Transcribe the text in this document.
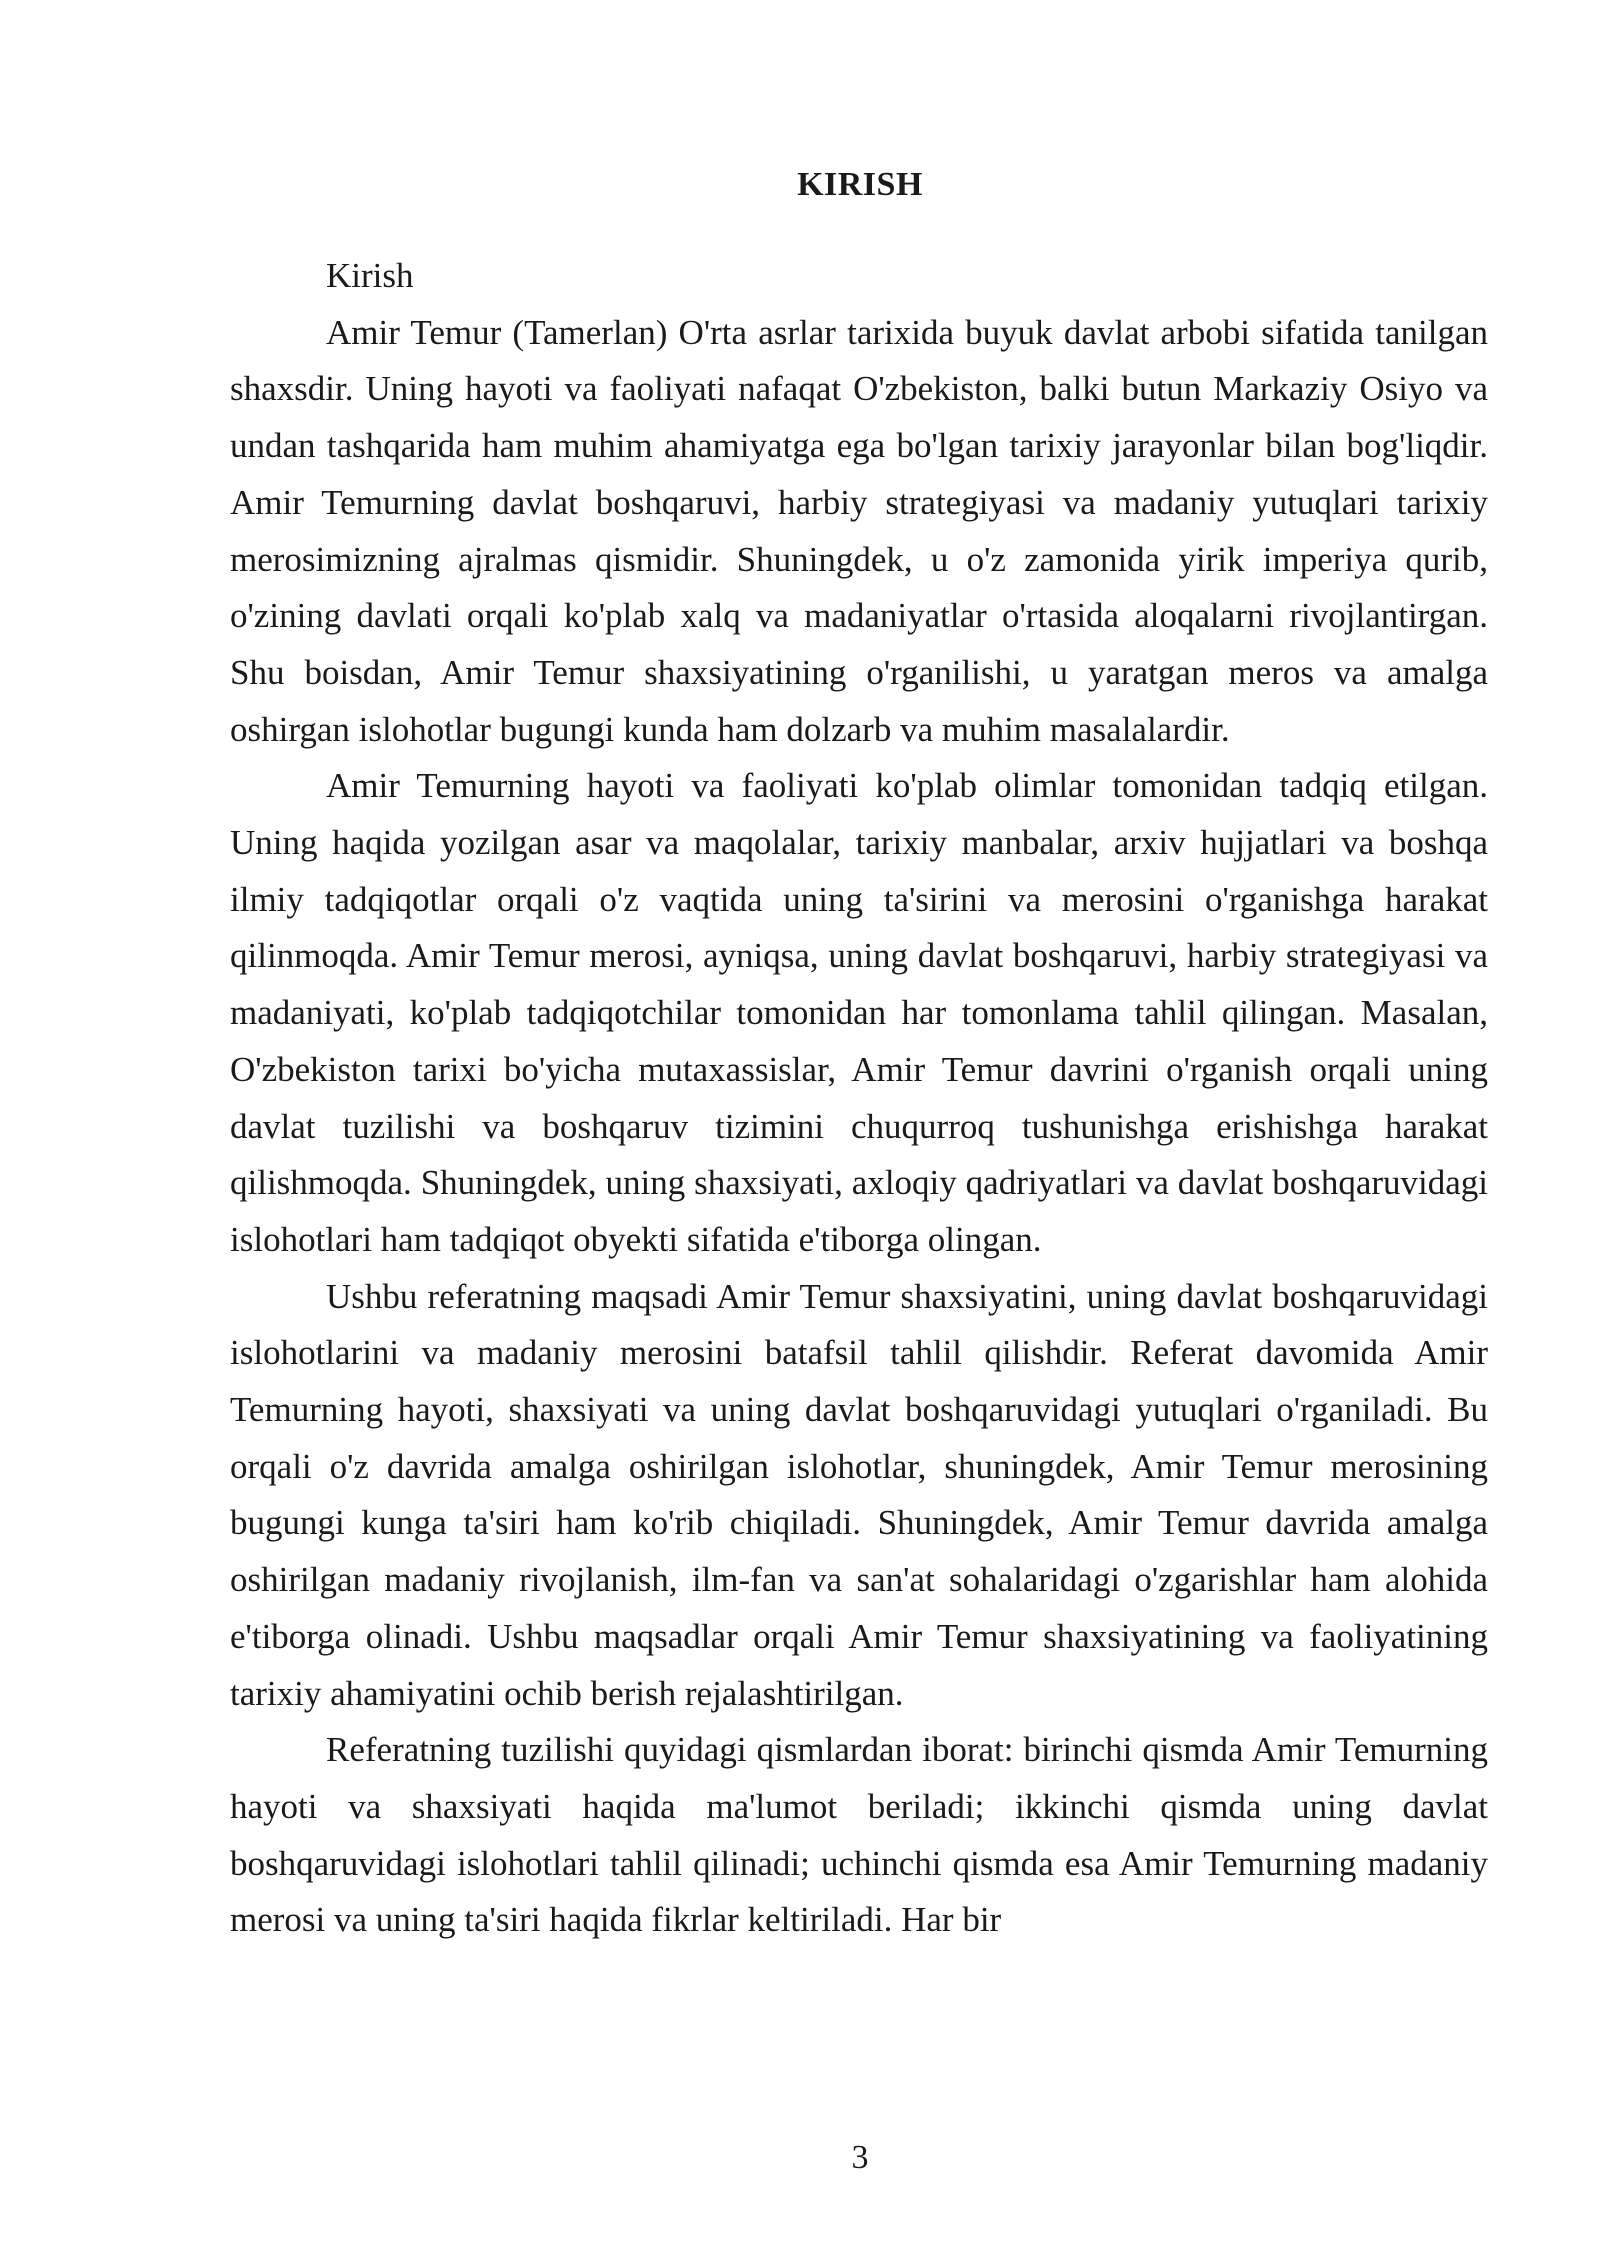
KIRISH

Kirish

Amir Temur (Tamerlan) O'rta asrlar tarixida buyuk davlat arbobi sifatida tanilgan shaxsdir. Uning hayoti va faoliyati nafaqat O'zbekiston, balki butun Markaziy Osiyo va undan tashqarida ham muhim ahamiyatga ega bo'lgan tarixiy jarayonlar bilan bog'liqdir. Amir Temurning davlat boshqaruvi, harbiy strategiyasi va madaniy yutuqlari tarixiy merosimizning ajralmas qismidir. Shuningdek, u o'z zamonida yirik imperiya qurib, o'zining davlati orqali ko'plab xalq va madaniyatlar o'rtasida aloqalarni rivojlantirgan. Shu boisdan, Amir Temur shaxsiyatining o'rganilishi, u yaratgan meros va amalga oshirgan islohotlar bugungi kunda ham dolzarb va muhim masalalardir.

Amir Temurning hayoti va faoliyati ko'plab olimlar tomonidan tadqiq etilgan. Uning haqida yozilgan asar va maqolalar, tarixiy manbalar, arxiv hujjatlari va boshqa ilmiy tadqiqotlar orqali o'z vaqtida uning ta'sirini va merosini o'rganishga harakat qilinmoqda. Amir Temur merosi, ayniqsa, uning davlat boshqaruvi, harbiy strategiyasi va madaniyati, ko'plab tadqiqotchilar tomonidan har tomonlama tahlil qilingan. Masalan, O'zbekiston tarixi bo'yicha mutaxassislar, Amir Temur davrini o'rganish orqali uning davlat tuzilishi va boshqaruv tizimini chuqurroq tushunishga erishishga harakat qilishmoqda. Shuningdek, uning shaxsiyati, axloqiy qadriyatlari va davlat boshqaruvidagi islohotlari ham tadqiqot obyekti sifatida e'tiborga olingan.

Ushbu referatning maqsadi Amir Temur shaxsiyatini, uning davlat boshqaruvidagi islohotlarini va madaniy merosini batafsil tahlil qilishdir. Referat davomida Amir Temurning hayoti, shaxsiyati va uning davlat boshqaruvidagi yutuqlari o'rganiladi. Bu orqali o'z davrida amalga oshirilgan islohotlar, shuningdek, Amir Temur merosining bugungi kunga ta'siri ham ko'rib chiqiladi. Shuningdek, Amir Temur davrida amalga oshirilgan madaniy rivojlanish, ilm-fan va san'at sohalaridagi o'zgarishlar ham alohida e'tiborga olinadi. Ushbu maqsadlar orqali Amir Temur shaxsiyatining va faoliyatining tarixiy ahamiyatini ochib berish rejalashtirilgan.

Referatning tuzilishi quyidagi qismlardan iborat: birinchi qismda Amir Temurning hayoti va shaxsiyati haqida ma'lumot beriladi; ikkinchi qismda uning davlat boshqaruvidagi islohotlari tahlil qilinadi; uchinchi qismda esa Amir Temurning madaniy merosi va uning ta'siri haqida fikrlar keltiriladi. Har bir

3
